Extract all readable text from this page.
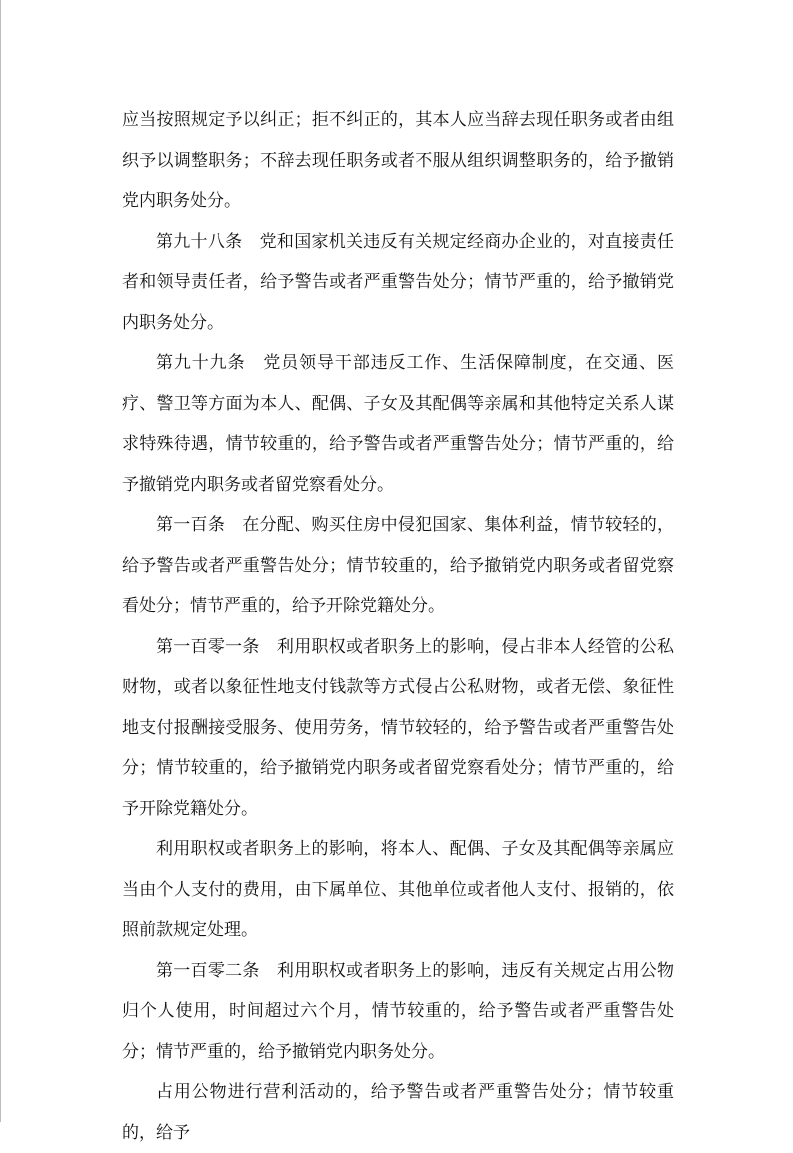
应当按照规定予以纠正；拒不纠正的，其本人应当辞去现任职务或者由组织予以调整职务；不辞去现任职务或者不服从组织调整职务的，给予撤销党内职务处分。

第九十八条　党和国家机关违反有关规定经商办企业的，对直接责任者和领导责任者，给予警告或者严重警告处分；情节严重的，给予撤销党内职务处分。

第九十九条　党员领导干部违反工作、生活保障制度，在交通、医疗、警卫等方面为本人、配偶、子女及其配偶等亲属和其他特定关系人谋求特殊待遇，情节较重的，给予警告或者严重警告处分；情节严重的，给予撤销党内职务或者留党察看处分。

第一百条　在分配、购买住房中侵犯国家、集体利益，情节较轻的，给予警告或者严重警告处分；情节较重的，给予撤销党内职务或者留党察看处分；情节严重的，给予开除党籍处分。

第一百零一条　利用职权或者职务上的影响，侵占非本人经管的公私财物，或者以象征性地支付钱款等方式侵占公私财物，或者无偿、象征性地支付报酬接受服务、使用劳务，情节较轻的，给予警告或者严重警告处分；情节较重的，给予撤销党内职务或者留党察看处分；情节严重的，给予开除党籍处分。

利用职权或者职务上的影响，将本人、配偶、子女及其配偶等亲属应当由个人支付的费用，由下属单位、其他单位或者他人支付、报销的，依照前款规定处理。

第一百零二条　利用职权或者职务上的影响，违反有关规定占用公物归个人使用，时间超过六个月，情节较重的，给予警告或者严重警告处分；情节严重的，给予撤销党内职务处分。

占用公物进行营利活动的，给予警告或者严重警告处分；情节较重的，给予
